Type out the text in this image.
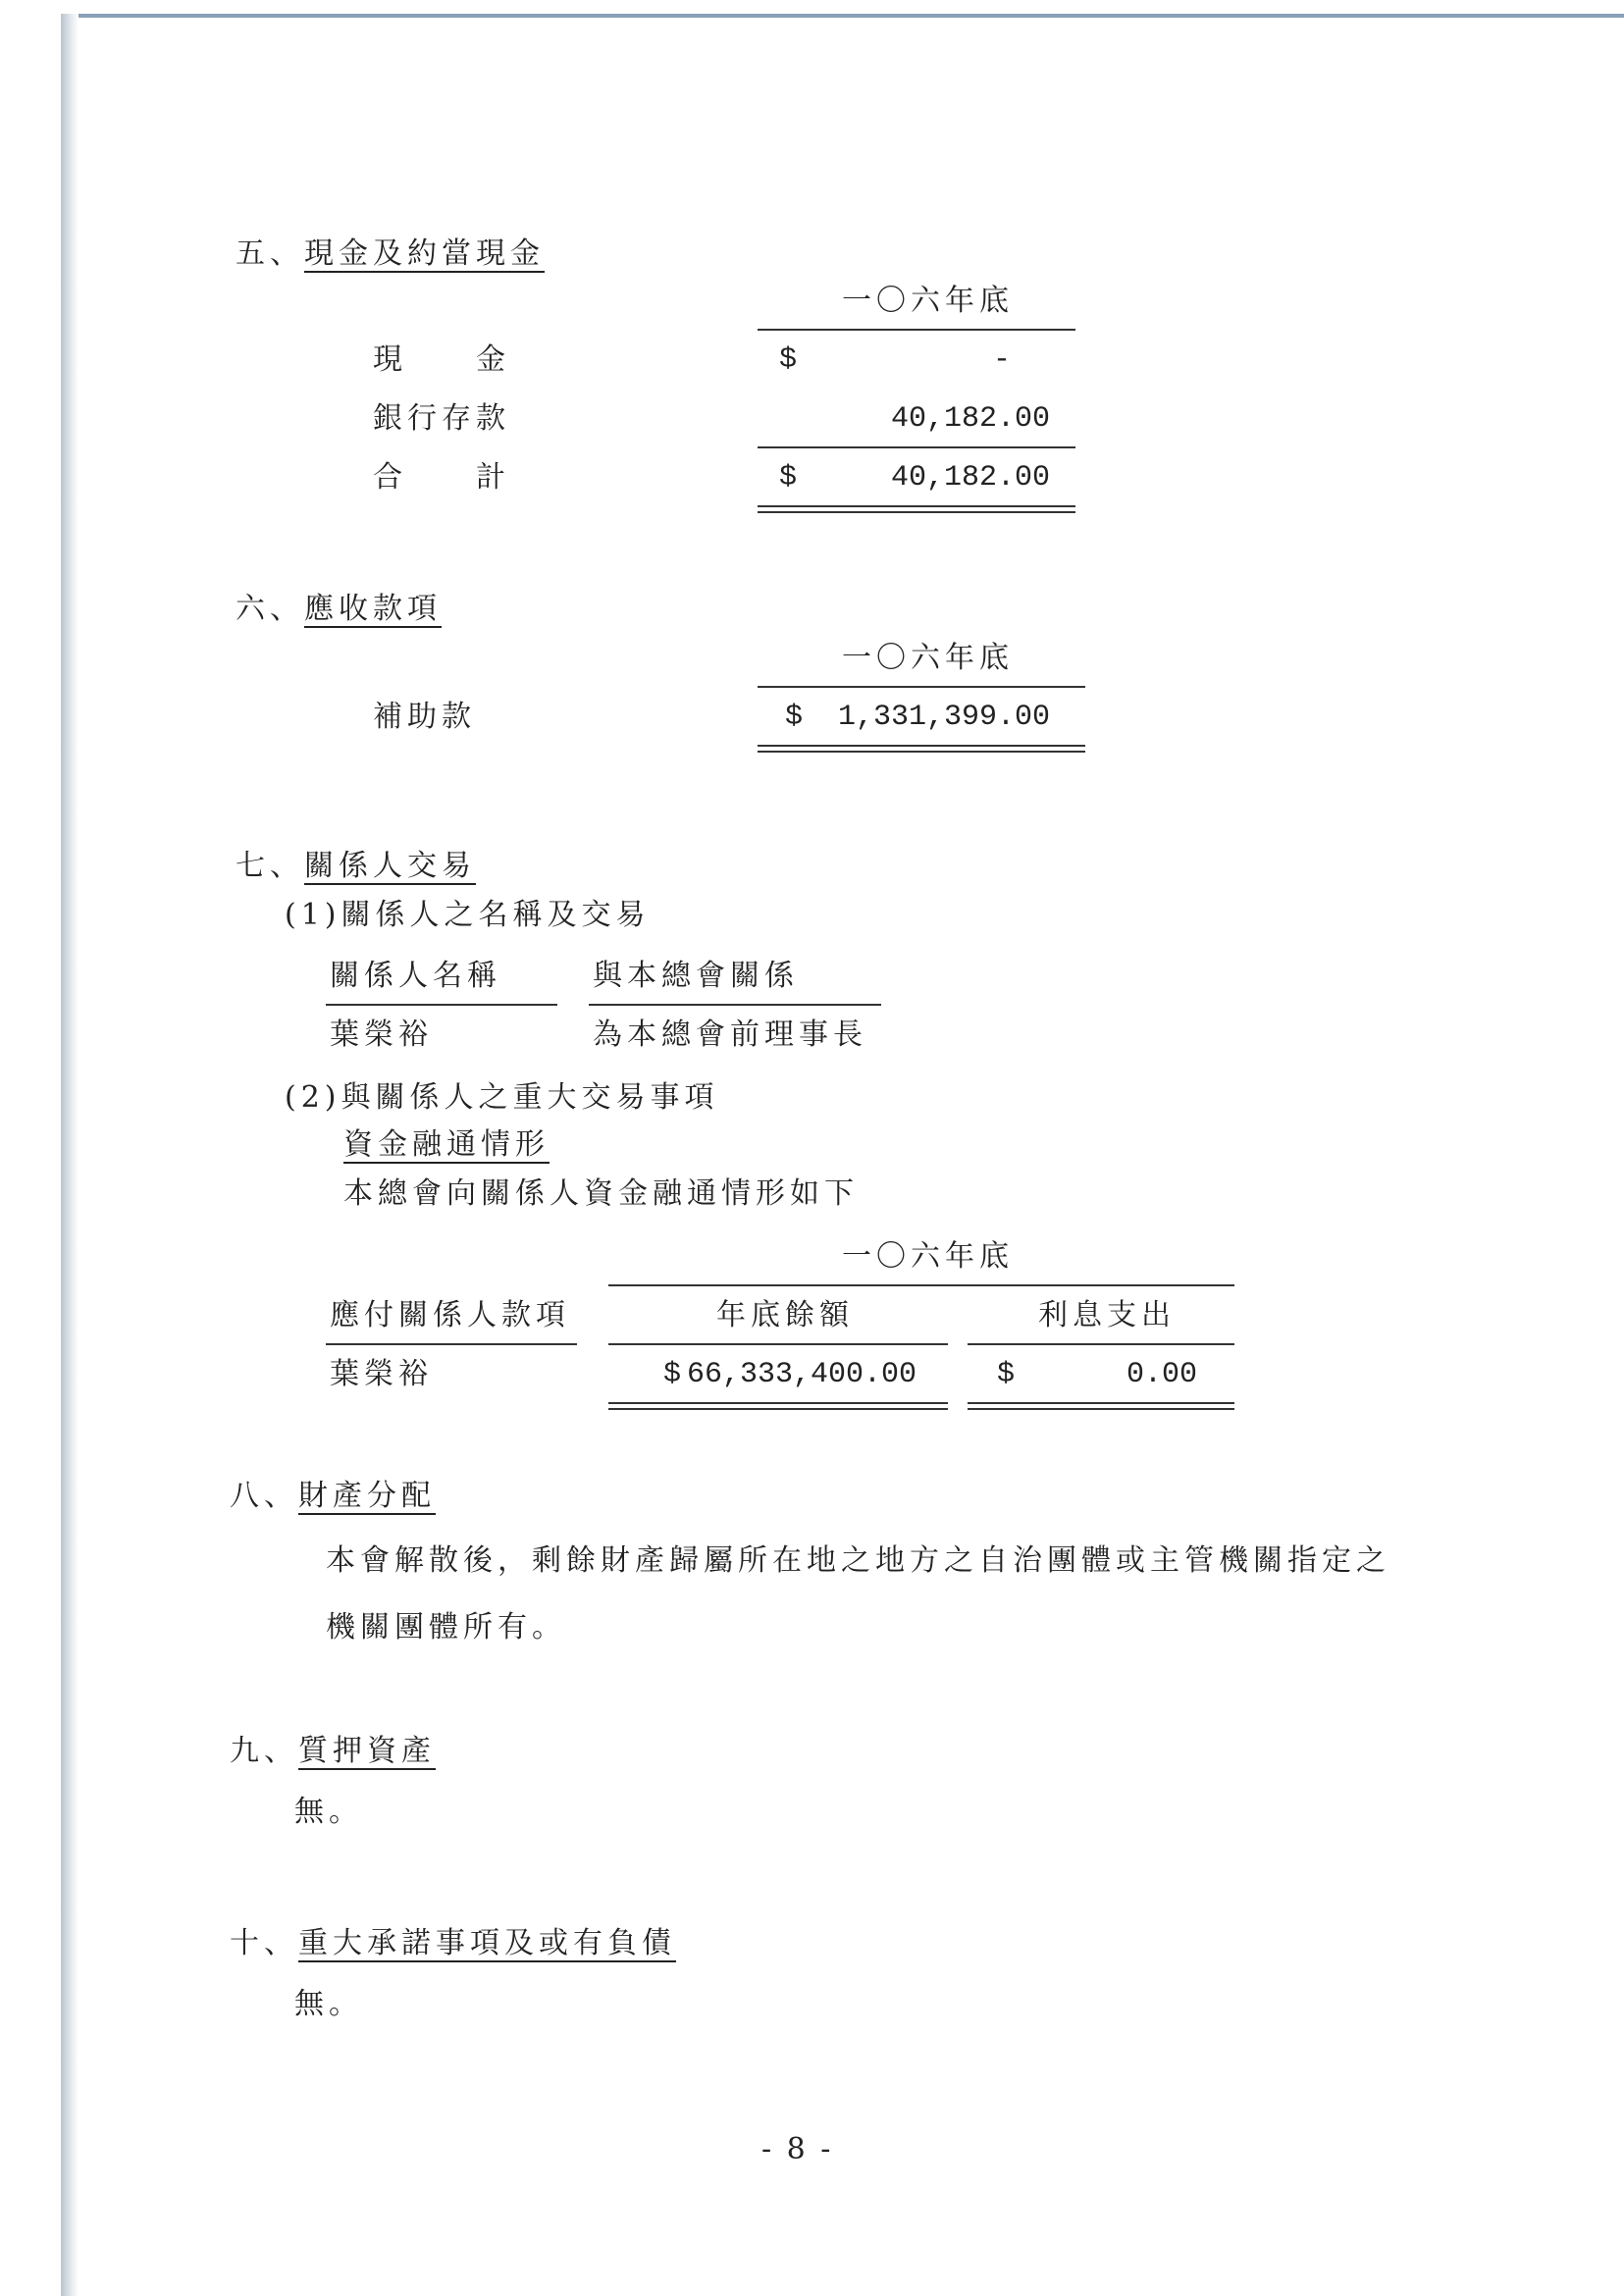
五、現金及約當現金
一〇六年底
現　　金	$	-
銀行存款	40,182.00
合　　計	$	40,182.00
六、應收款項
一〇六年底
補助款	$	1,331,399.00
七、關係人交易
(1)關係人之名稱及交易
關係人名稱	與本總會關係
葉榮裕	為本總會前理事長
(2)與關係人之重大交易事項
資金融通情形
本總會向關係人資金融通情形如下
一〇六年底
應付關係人款項	年底餘額	利息支出
葉榮裕	$ 66,333,400.00	$	0.00
八、財產分配
本會解散後，剩餘財產歸屬所在地之地方之自治團體或主管機關指定之
機關團體所有。
九、質押資產
無。
十、重大承諾事項及或有負債
無。
- 8 -
